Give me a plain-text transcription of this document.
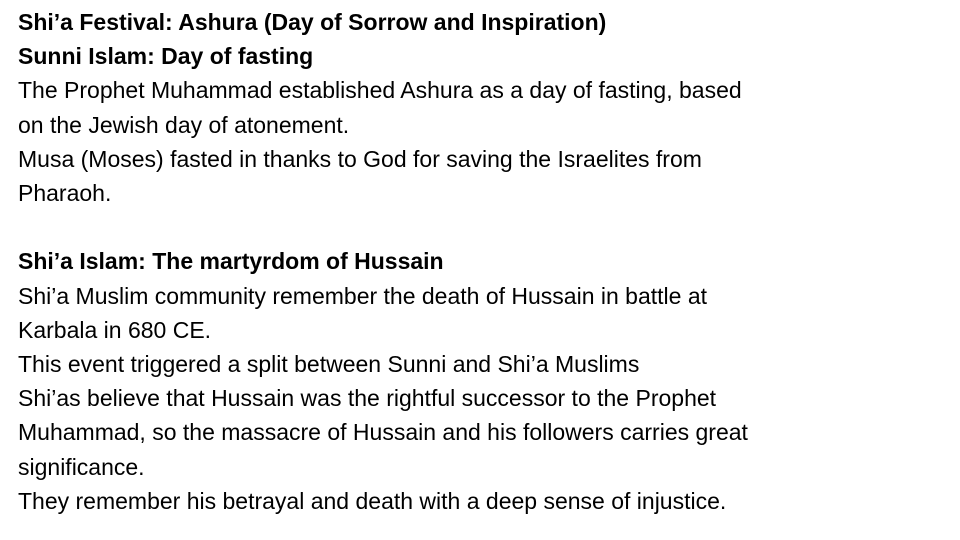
Shi’a Festival: Ashura (Day of Sorrow and Inspiration)
Sunni Islam: Day of fasting
The Prophet Muhammad established Ashura as a day of fasting, based
on the Jewish day of atonement.
Musa (Moses) fasted in thanks to God for saving the Israelites from
Pharaoh.
Shi’a Islam: The martyrdom of Hussain
Shi’a Muslim community remember the death of Hussain in battle at
Karbala in 680 CE.
This event triggered a split between Sunni and Shi’a Muslims
Shi’as believe that Hussain was the rightful successor to the Prophet
Muhammad, so the massacre of Hussain and his followers carries great
significance.
They remember his betrayal and death with a deep sense of injustice.
